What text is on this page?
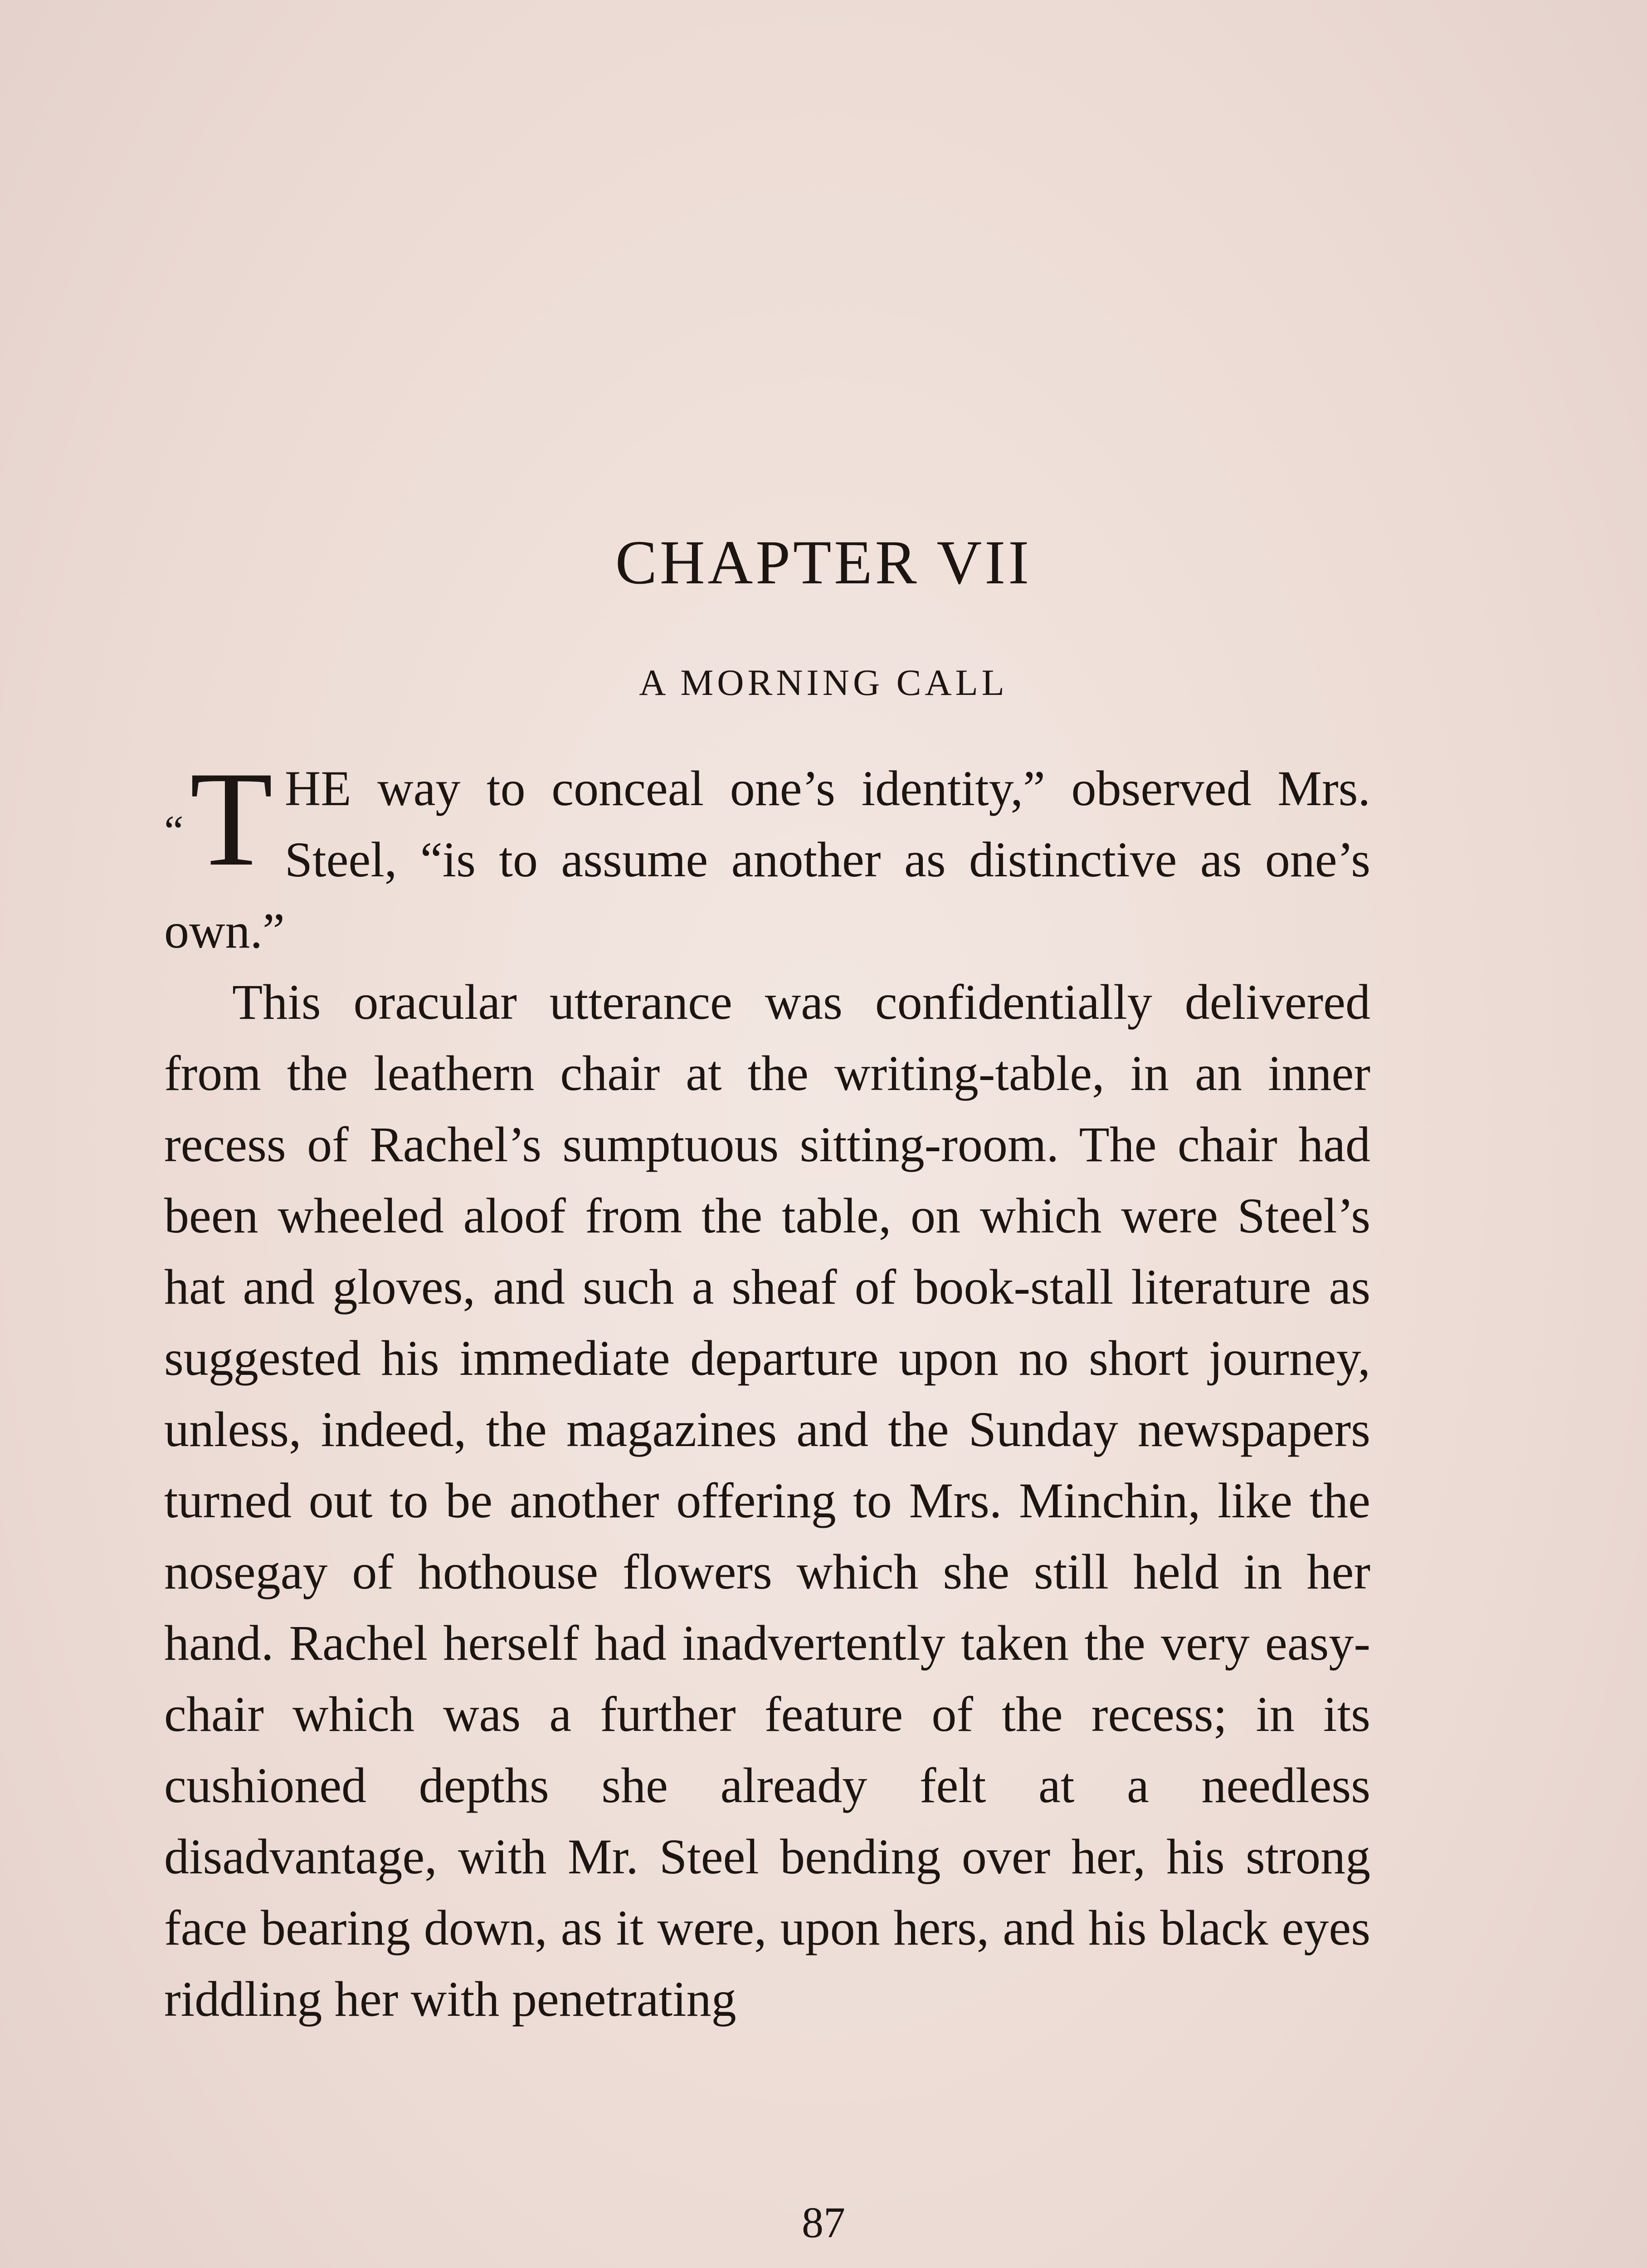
CHAPTER VII
A MORNING CALL

“T HE way to conceal one’s identity,” observed Mrs. Steel, “is to assume another as distinctive as one’s own.”

This oracular utterance was confidentially delivered from the leathern chair at the writing-table, in an inner recess of Rachel’s sumptuous sitting-room. The chair had been wheeled aloof from the table, on which were Steel’s hat and gloves, and such a sheaf of book-stall literature as suggested his immediate departure upon no short journey, unless, indeed, the magazines and the Sunday newspapers turned out to be another offering to Mrs. Minchin, like the nosegay of hothouse flowers which she still held in her hand. Rachel herself had inadvertently taken the very easy-chair which was a further feature of the recess; in its cushioned depths she already felt at a needless disadvantage, with Mr. Steel bending over her, his strong face bearing down, as it were, upon hers, and his black eyes riddling her with penetrating

87
